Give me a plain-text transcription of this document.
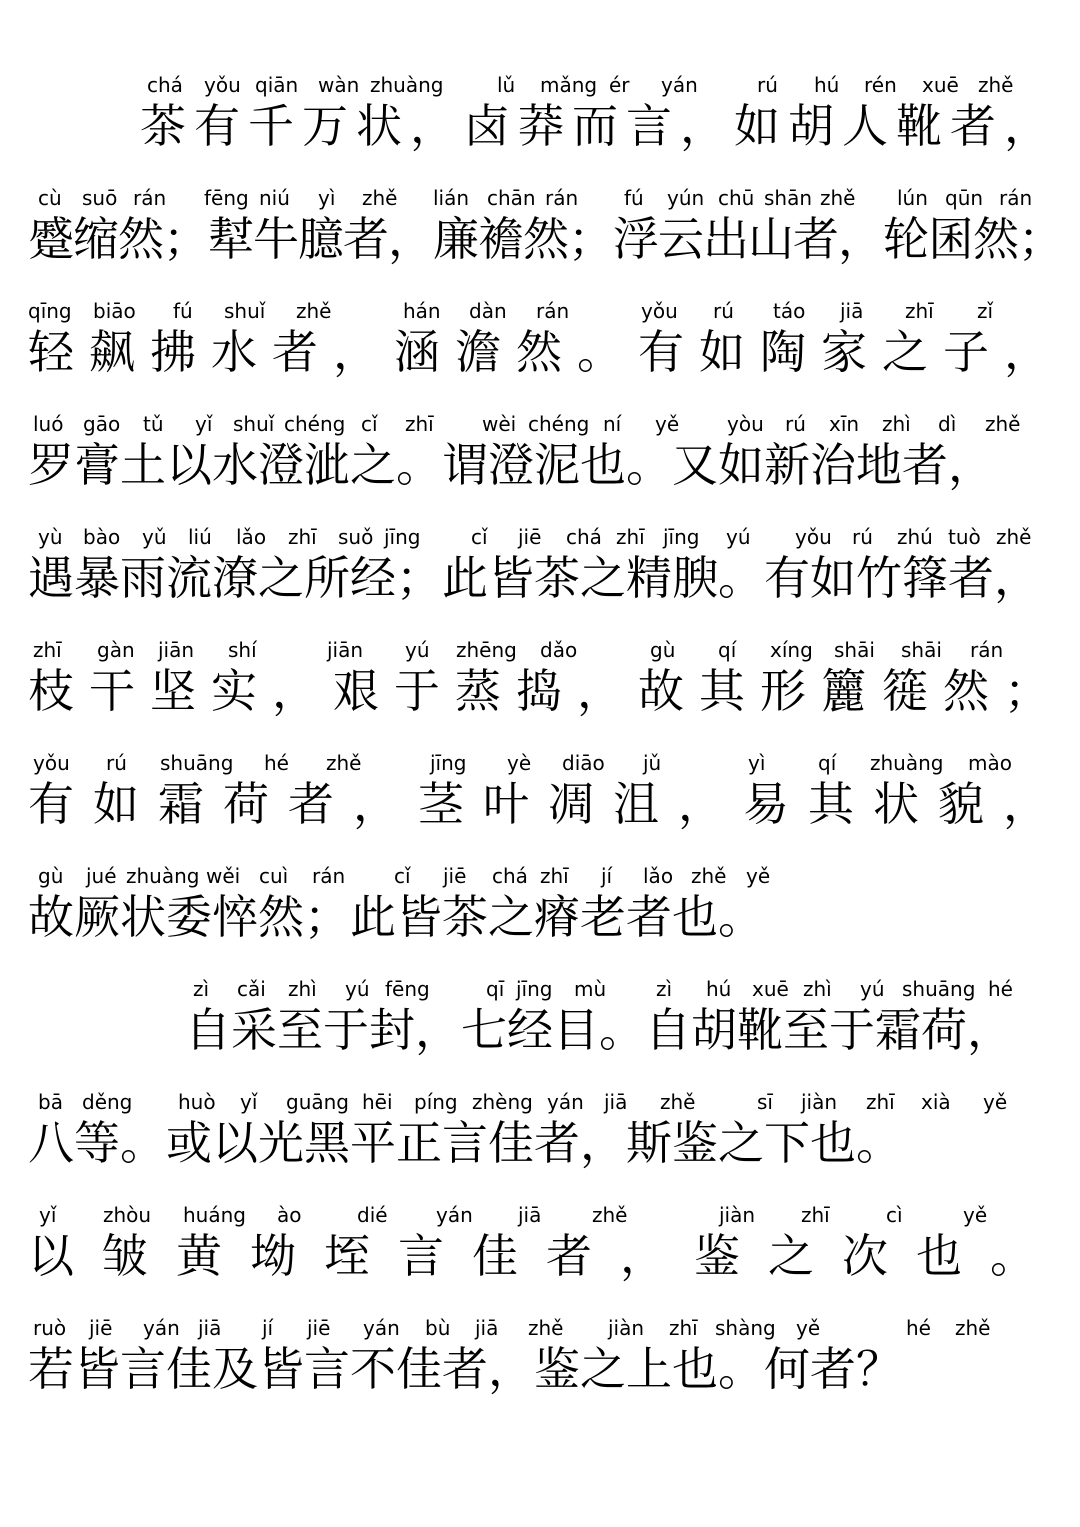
chá yǒu qiān wàn zhuàng	lǔ mǎng ér yán	rú hú rén xuē zhě
茶有千万状，卤莽而言，如胡人靴者，
cù suō rán fēng niú yì zhě lián chān rán fú yún chū shān zhě lún qūn rán
蹙缩然；犎牛臆者，廉襜然；浮云出山者，轮囷然；
qīng biāo fú shuǐ zhě	hán dàn rán	yǒu rú táo jiā zhī zǐ
轻飙拂水者，涵澹然。有如陶家之子，
luó gāo tǔ yǐ shuǐ chéng cǐ zhī wèi chéng ní yě yòu rú xīn zhì dì zhě
罗膏土以水澄泚之。谓澄泥也。又如新治地者，
yù bào yǔ liú lǎo zhī suǒ jīng	cǐ jiē chá zhī jīng yú yǒu rú zhú tuò zhě
遇暴雨流潦之所经；此皆茶之精腴。有如竹箨者，
zhī gàn jiān shí	jiān yú zhēng dǎo	gù qí xíng shāi shāi rán
枝干坚实，艰于蒸捣，故其形籭簁然；
yǒu rú shuāng hé zhě	jīng yè diāo jǔ	yì	qí zhuàng mào
有如霜荷者，茎叶凋沮，易其状貌，
gù jué zhuàng wěi cuì rán cǐ jiē chá zhī jí lǎo zhě yě
故厥状委悴然；此皆茶之瘠老者也。
zì cǎi zhì yú fēng	qī jīng mù zì hú xuē zhì yú shuāng hé
自采至于封，七经目。自胡靴至于霜荷，
bā děng huò yǐ guāng hēi píng zhèng yán jiā zhě	sī jiàn zhī xià yě
八等。或以光黑平正言佳者，斯鉴之下也。
yǐ zhòu huáng ào	dié yán jiā	zhě	jiàn zhī	cì	yě
以皱黄坳垤言佳者，鉴之次也。
ruò jiē yán jiā jí jiē yán bù jiā zhě jiàn zhī shàng yě	hé zhě
若皆言佳及皆言不佳者，鉴之上也。何者？
